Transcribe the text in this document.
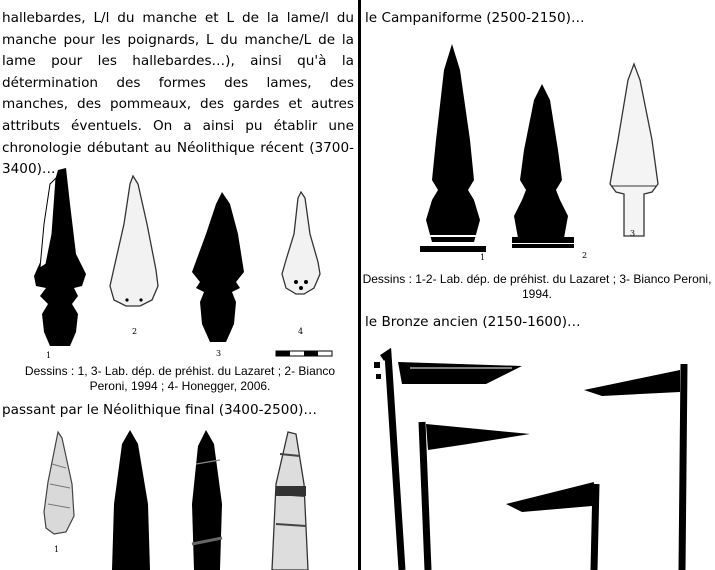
hallebardes, L/l du manche et L de la lame/l du manche pour les poignards, L du manche/L de la lame pour les hallebardes…), ainsi qu'à la détermination des formes des lames, des manches, des pommeaux, des gardes et autres attributs éventuels. On a ainsi pu établir une chronologie débutant au Néolithique récent (3700-3400)…
1
2
3
4
Dessins : 1, 3- Lab. dép. de préhist. du Lazaret ; 2- Bianco Peroni, 1994 ; 4- Honegger, 2006.
passant par le Néolithique final (3400-2500)…
1
le Campaniforme (2500-2150)…
1	2
3
Dessins : 1-2- Lab. dép. de préhist. du Lazaret ; 3- Bianco Peroni, 1994.
le Bronze ancien (2150-1600)…
